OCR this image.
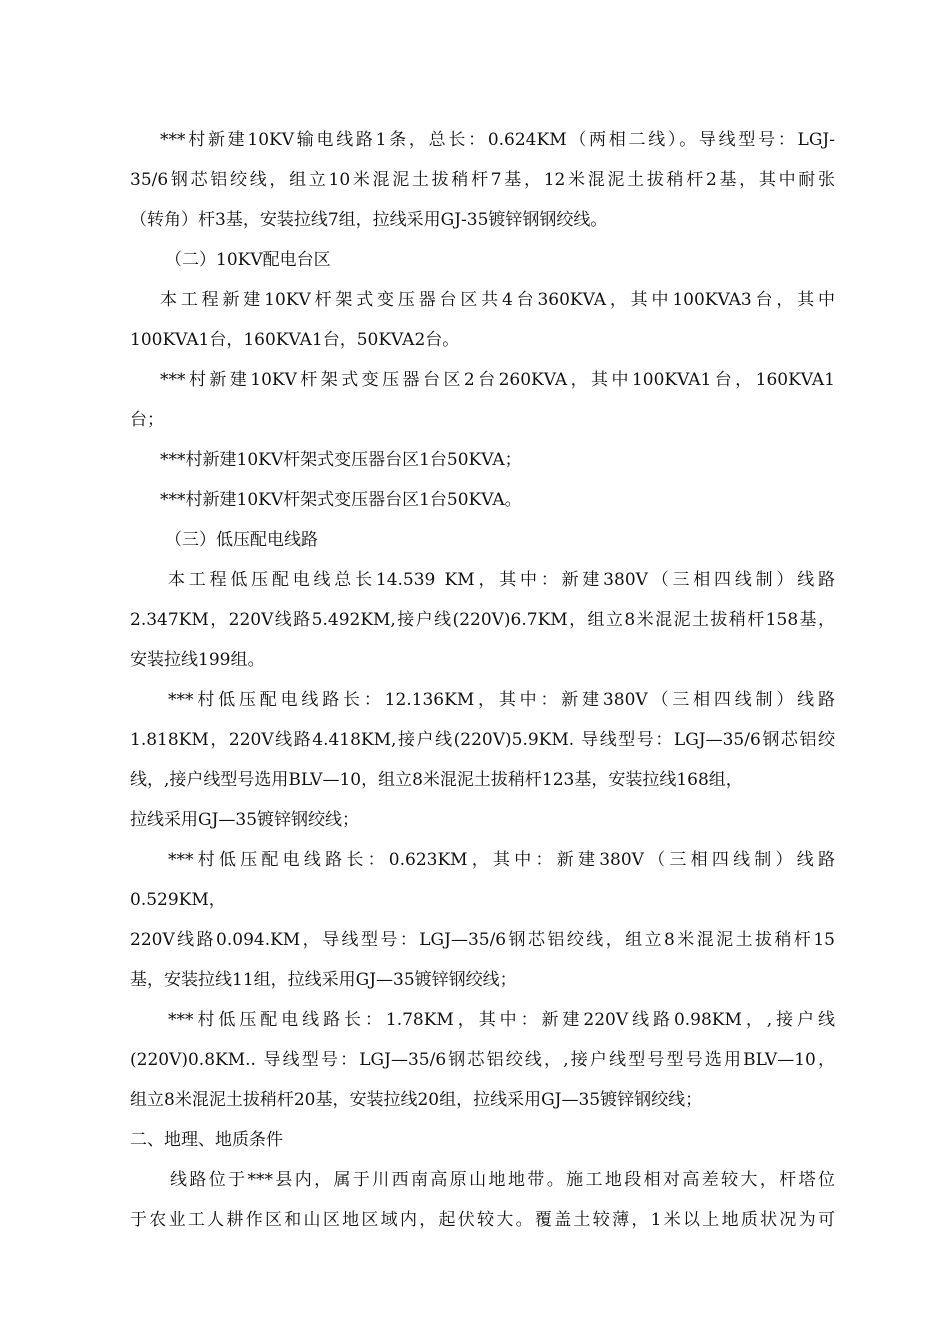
***村新建10KV输电线路1条，总长：0.624KM（两相二线）。导线型号：LGJ-
35/6钢芯铝绞线，组立10米混泥土拔稍杆7基，12米混泥土拔稍杆2基，其中耐张
（转角）杆3基，安装拉线7组，拉线采用GJ-35镀锌钢钢绞线。
（二）10KV配电台区
本工程新建10KV杆架式变压器台区共4台360KVA，其中100KVA3台，其中
100KVA1台，160KVA1台，50KVA2台。
***村新建10KV杆架式变压器台区2台260KVA，其中100KVA1台，160KVA1
台；
***村新建10KV杆架式变压器台区1台50KVA；
***村新建10KV杆架式变压器台区1台50KVA。
（三）低压配电线路
本工程低压配电线总长14.539 KM，其中：新建380V（三相四线制）线路
2.347KM，220V线路5.492KM,接户线(220V)6.7KM，组立8米混泥土拔稍杆158基，
安装拉线199组。
***村低压配电线路长：12.136KM，其中：新建380V（三相四线制）线路
1.818KM，220V线路4.418KM,接户线(220V)5.9KM. 导线型号：LGJ—35/6钢芯铝绞
线，,接户线型号选用BLV—10，组立8米混泥土拔稍杆123基，安装拉线168组，
拉线采用GJ—35镀锌钢绞线；
***村低压配电线路长：0.623KM，其中：新建380V（三相四线制）线路
0.529KM，
220V线路0.094.KM，导线型号：LGJ—35/6钢芯铝绞线，组立8米混泥土拔稍杆15
基，安装拉线11组，拉线采用GJ—35镀锌钢绞线；
***村低压配电线路长：1.78KM，其中：新建220V线路0.98KM，,接户线
(220V)0.8KM.. 导线型号：LGJ—35/6钢芯铝绞线，,接户线型号型号选用BLV—10，
组立8米混泥土拔稍杆20基，安装拉线20组，拉线采用GJ—35镀锌钢绞线；
二、地理、地质条件
线路位于***县内，属于川西南高原山地地带。施工地段相对高差较大，杆塔位
于农业工人耕作区和山区地区域内，起伏较大。覆盖土较薄，1米以上地质状况为可
